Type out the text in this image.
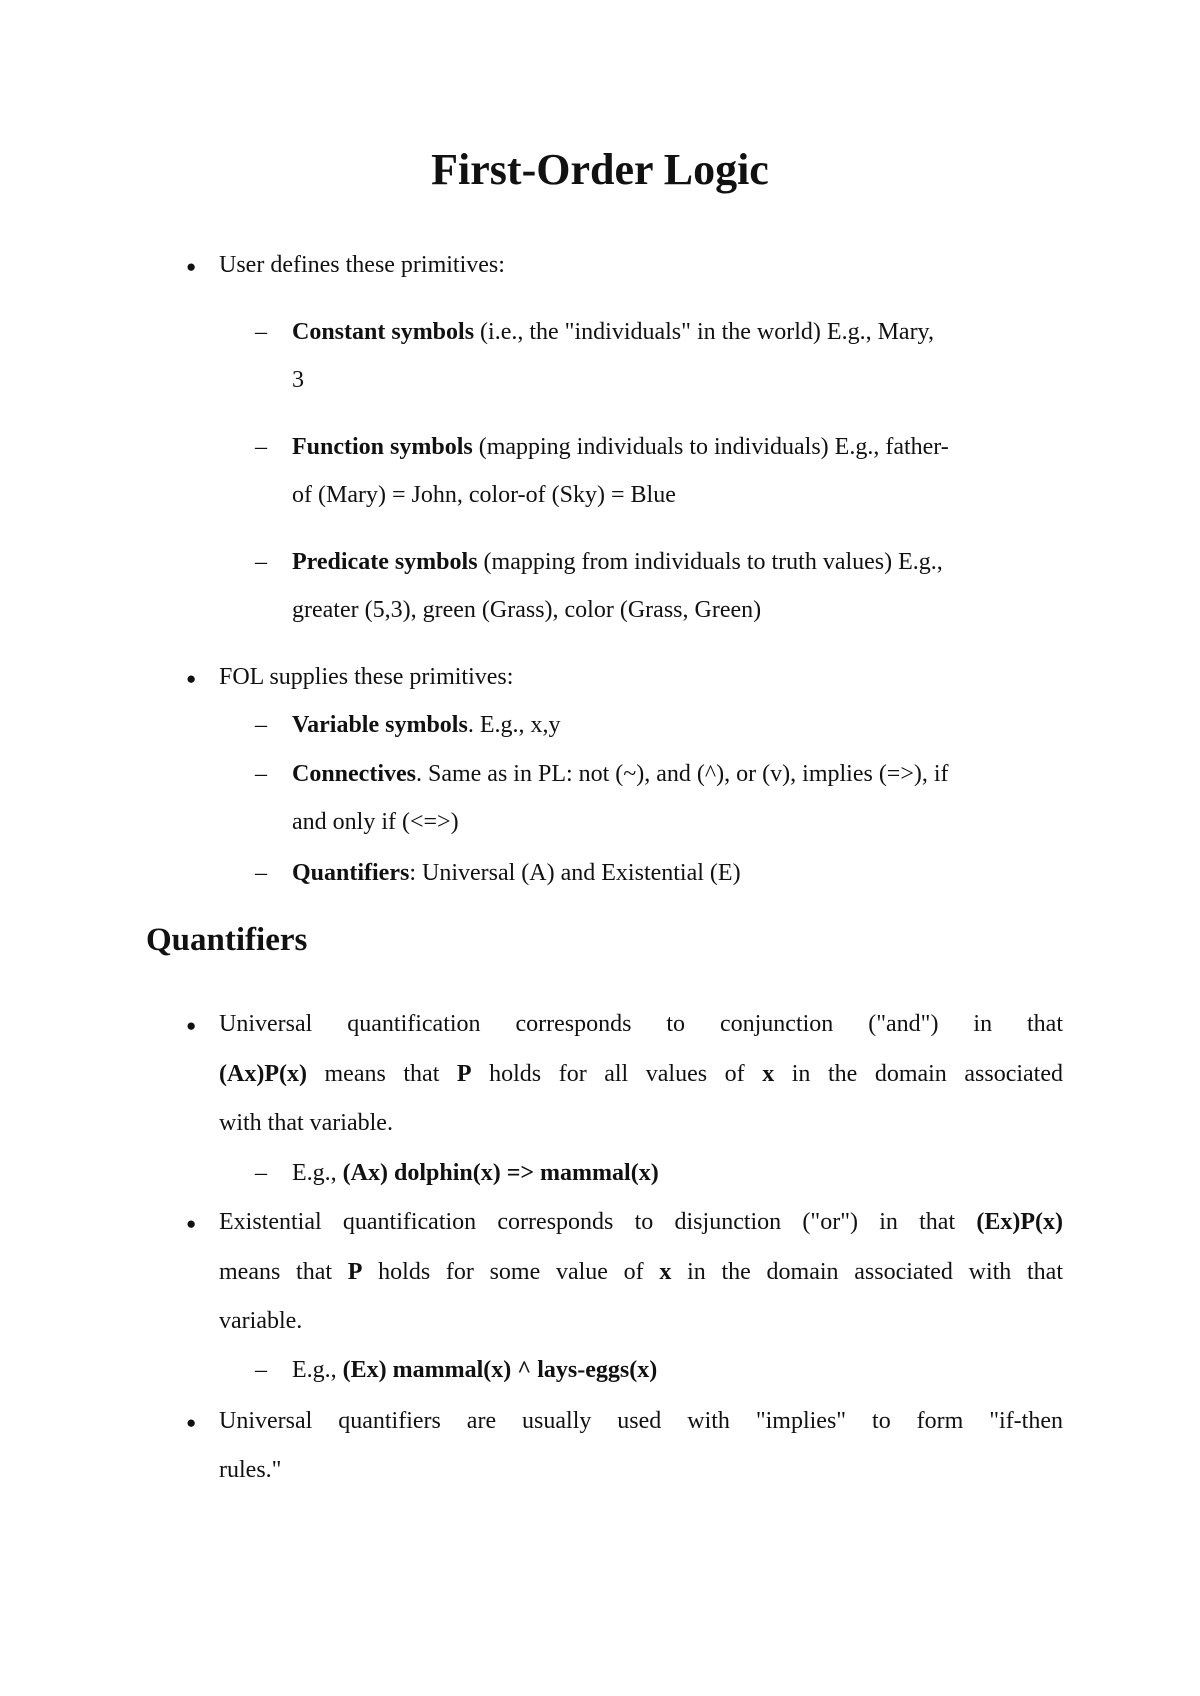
First-Order Logic
● User defines these primitives:
– Constant symbols (i.e., the "individuals" in the world) E.g., Mary,
3
– Function symbols (mapping individuals to individuals) E.g., father-
of (Mary) = John, color-of (Sky) = Blue
– Predicate symbols (mapping from individuals to truth values) E.g.,
greater (5,3), green (Grass), color (Grass, Green)
● FOL supplies these primitives:
– Variable symbols. E.g., x,y
– Connectives. Same as in PL: not (~), and (^), or (v), implies (=>), if
and only if (<=>)
– Quantifiers: Universal (A) and Existential (E)
Quantifiers
● Universal quantification corresponds to conjunction ("and") in that
(Ax)P(x) means that P holds for all values of x in the domain associated
with that variable.
– E.g., (Ax) dolphin(x) => mammal(x)
● Existential quantification corresponds to disjunction ("or") in that (Ex)P(x)
means that P holds for some value of x in the domain associated with that
variable.
– E.g., (Ex) mammal(x) ^ lays-eggs(x)
● Universal quantifiers are usually used with "implies" to form "if-then
rules."
